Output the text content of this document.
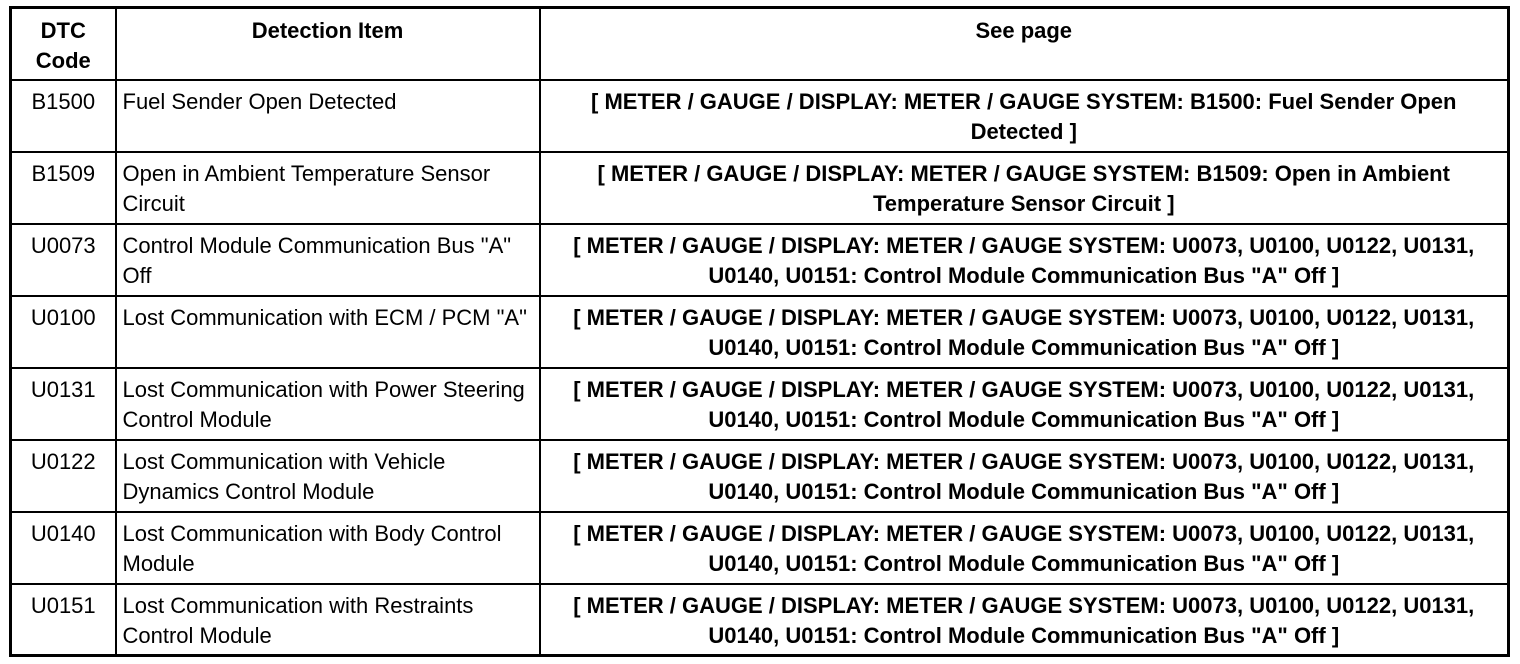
DTC Code	Detection Item	See page
B1500	Fuel Sender Open Detected	[ METER / GAUGE / DISPLAY: METER / GAUGE SYSTEM: B1500: Fuel Sender Open Detected ]
B1509	Open in Ambient Temperature Sensor Circuit	[ METER / GAUGE / DISPLAY: METER / GAUGE SYSTEM: B1509: Open in Ambient Temperature Sensor Circuit ]
U0073	Control Module Communication Bus "A" Off	[ METER / GAUGE / DISPLAY: METER / GAUGE SYSTEM: U0073, U0100, U0122, U0131, U0140, U0151: Control Module Communication Bus "A" Off ]
U0100	Lost Communication with ECM / PCM "A"	[ METER / GAUGE / DISPLAY: METER / GAUGE SYSTEM: U0073, U0100, U0122, U0131, U0140, U0151: Control Module Communication Bus "A" Off ]
U0131	Lost Communication with Power Steering Control Module	[ METER / GAUGE / DISPLAY: METER / GAUGE SYSTEM: U0073, U0100, U0122, U0131, U0140, U0151: Control Module Communication Bus "A" Off ]
U0122	Lost Communication with Vehicle Dynamics Control Module	[ METER / GAUGE / DISPLAY: METER / GAUGE SYSTEM: U0073, U0100, U0122, U0131, U0140, U0151: Control Module Communication Bus "A" Off ]
U0140	Lost Communication with Body Control Module	[ METER / GAUGE / DISPLAY: METER / GAUGE SYSTEM: U0073, U0100, U0122, U0131, U0140, U0151: Control Module Communication Bus "A" Off ]
U0151	Lost Communication with Restraints Control Module	[ METER / GAUGE / DISPLAY: METER / GAUGE SYSTEM: U0073, U0100, U0122, U0131, U0140, U0151: Control Module Communication Bus "A" Off ]
